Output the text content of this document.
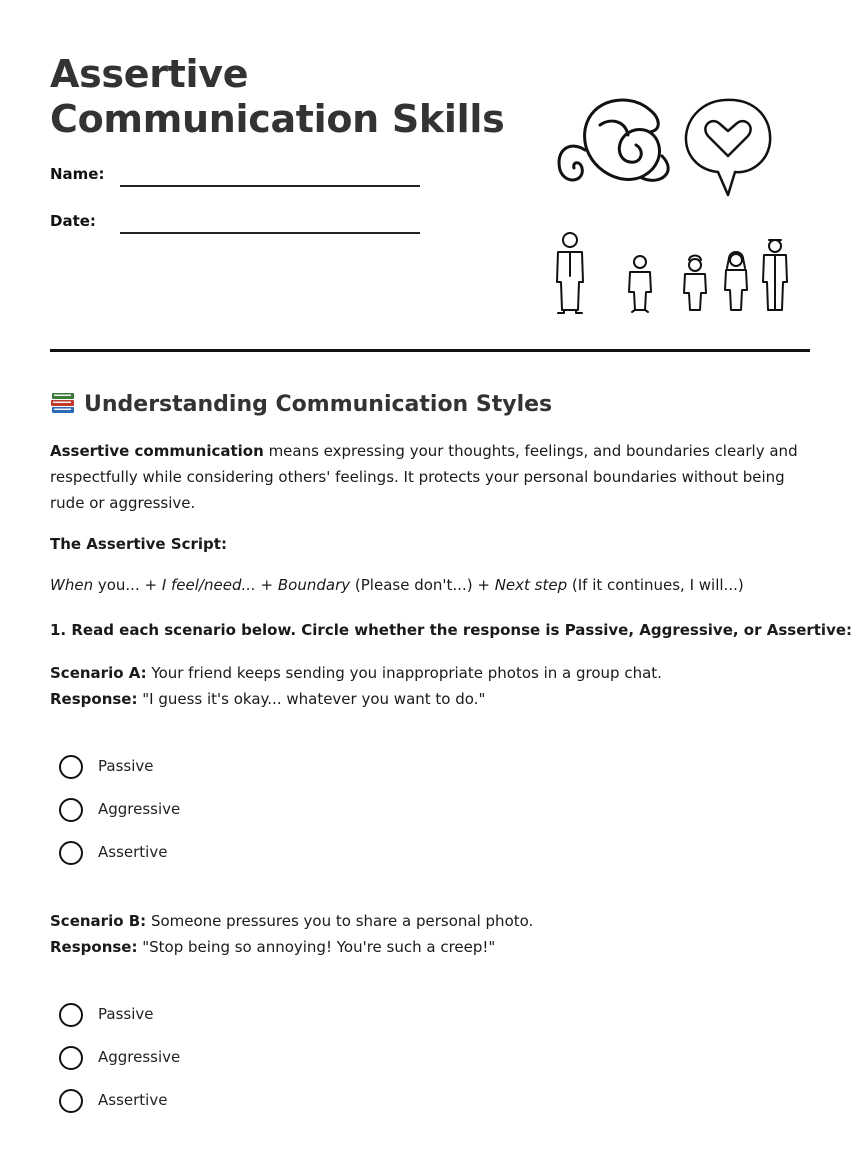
Assertive
Communication Skills
Name:
Date:
Understanding Communication Styles

Assertive communication means expressing your thoughts, feelings, and boundaries clearly and respectfully while considering others' feelings. It protects your personal boundaries without being rude or aggressive.

The Assertive Script:
When you... + I feel/need... + Boundary (Please don't...) + Next step (If it continues, I will...)
1. Read each scenario below. Circle whether the response is Passive, Aggressive, or Assertive:
Scenario A: Your friend keeps sending you inappropriate photos in a group chat.
Response: "I guess it's okay... whatever you want to do."
Passive
Aggressive
Assertive
Scenario B: Someone pressures you to share a personal photo.
Response: "Stop being so annoying! You're such a creep!"
Passive
Aggressive
Assertive
